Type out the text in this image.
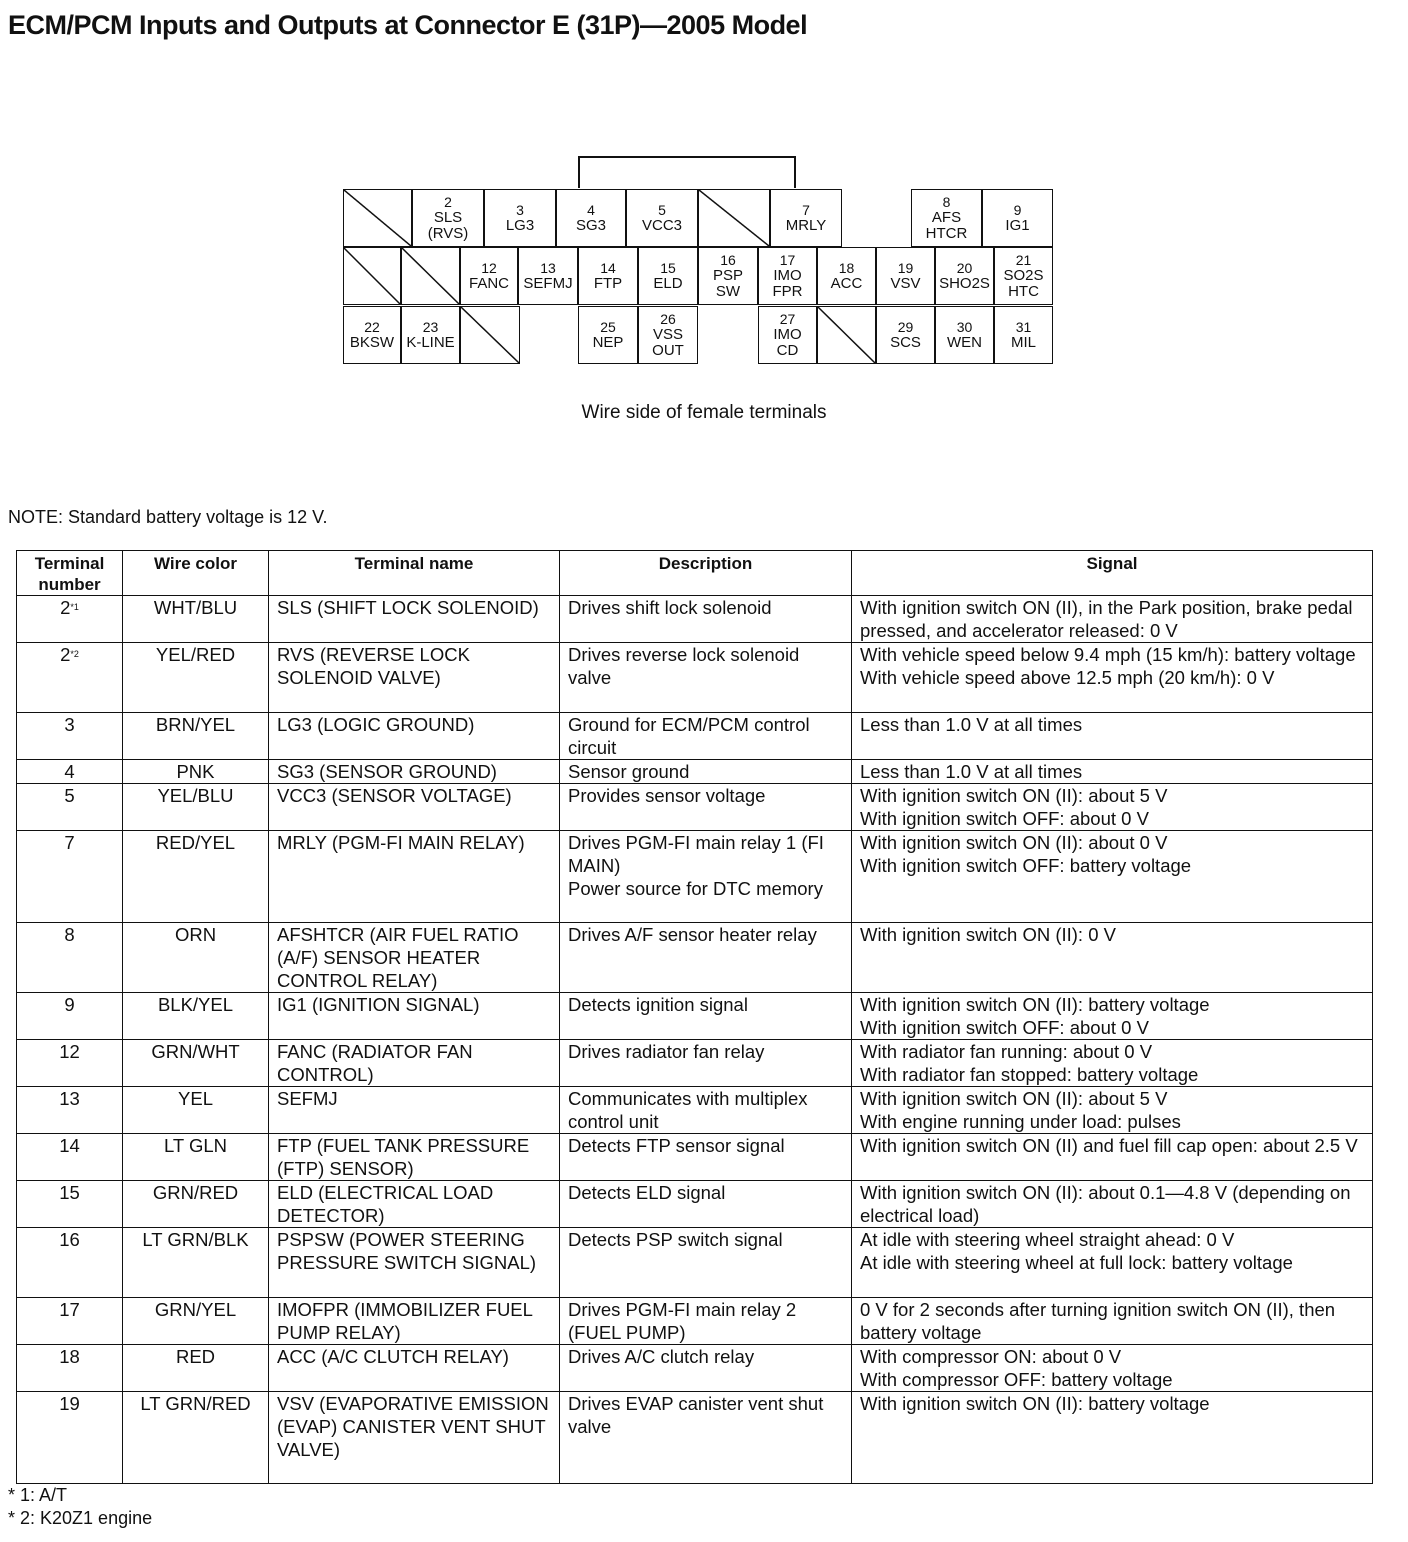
ECM/PCM Inputs and Outputs at Connector E (31P)—2005 Model
2
SLS
(RVS)
3
LG3
4
SG3
5
VCC3
7
MRLY
8
AFS
HTCR
9
IG1
12
FANC
13
SEFMJ
14
FTP
15
ELD
16
PSP
SW
17
IMO
FPR
18
ACC
19
VSV
20
SHO2S
21
SO2S
HTC
22
BKSW
23
K-LINE
25
NEP
26
VSS
OUT
27
IMO
CD
29
SCS
30
WEN
31
MIL
Wire side of female terminals
NOTE: Standard battery voltage is 12 V.
Terminal number	Wire color	Terminal name	Description	Signal
2$^{*1}$	WHT/BLU	SLS (SHIFT LOCK SOLENOID)	Drives shift lock solenoid	With ignition switch ON (II), in the Park position, brake pedal pressed, and accelerator released: 0 V

2$^{*2}$	YEL/RED	RVS (REVERSE LOCK SOLENOID VALVE)	Drives reverse lock solenoid valve	With vehicle speed below 9.4 mph (15 km/h): battery voltage
With vehicle speed above 12.5 mph (20 km/h): 0 V

3	BRN/YEL	LG3 (LOGIC GROUND)	Ground for ECM/PCM control circuit	Less than 1.0 V at all times

4	PNK	SG3 (SENSOR GROUND)	Sensor ground	Less than 1.0 V at all times

5	YEL/BLU	VCC3 (SENSOR VOLTAGE)	Provides sensor voltage	With ignition switch ON (II): about 5 V
With ignition switch OFF: about 0 V

7	RED/YEL	MRLY (PGM-FI MAIN RELAY)	Drives PGM-FI main relay 1 (FI MAIN)
Power source for DTC memory	With ignition switch ON (II): about 0 V
With ignition switch OFF: battery voltage

8	ORN	AFSHTCR (AIR FUEL RATIO (A/F) SENSOR HEATER CONTROL RELAY)	Drives A/F sensor heater relay	With ignition switch ON (II): 0 V

9	BLK/YEL	IG1 (IGNITION SIGNAL)	Detects ignition signal	With ignition switch ON (II): battery voltage
With ignition switch OFF: about 0 V

12	GRN/WHT	FANC (RADIATOR FAN CONTROL)	Drives radiator fan relay	With radiator fan running: about 0 V
With radiator fan stopped: battery voltage

13	YEL	SEFMJ	Communicates with multiplex control unit	With ignition switch ON (II): about 5 V
With engine running under load: pulses

14	LT GLN	FTP (FUEL TANK PRESSURE (FTP) SENSOR)	Detects FTP sensor signal	With ignition switch ON (II) and fuel fill cap open: about 2.5 V

15	GRN/RED	ELD (ELECTRICAL LOAD DETECTOR)	Detects ELD signal	With ignition switch ON (II): about 0.1—4.8 V (depending on electrical load)

16	LT GRN/BLK	PSPSW (POWER STEERING PRESSURE SWITCH SIGNAL)	Detects PSP switch signal	At idle with steering wheel straight ahead: 0 V
At idle with steering wheel at full lock: battery voltage

17	GRN/YEL	IMOFPR (IMMOBILIZER FUEL PUMP RELAY)	Drives PGM-FI main relay 2 (FUEL PUMP)	0 V for 2 seconds after turning ignition switch ON (II), then battery voltage

18	RED	ACC (A/C CLUTCH RELAY)	Drives A/C clutch relay	With compressor ON: about 0 V
With compressor OFF: battery voltage

19	LT GRN/RED	VSV (EVAPORATIVE EMISSION (EVAP) CANISTER VENT SHUT VALVE)	Drives EVAP canister vent shut valve	With ignition switch ON (II): battery voltage
* 1: A/T
* 2: K20Z1 engine
